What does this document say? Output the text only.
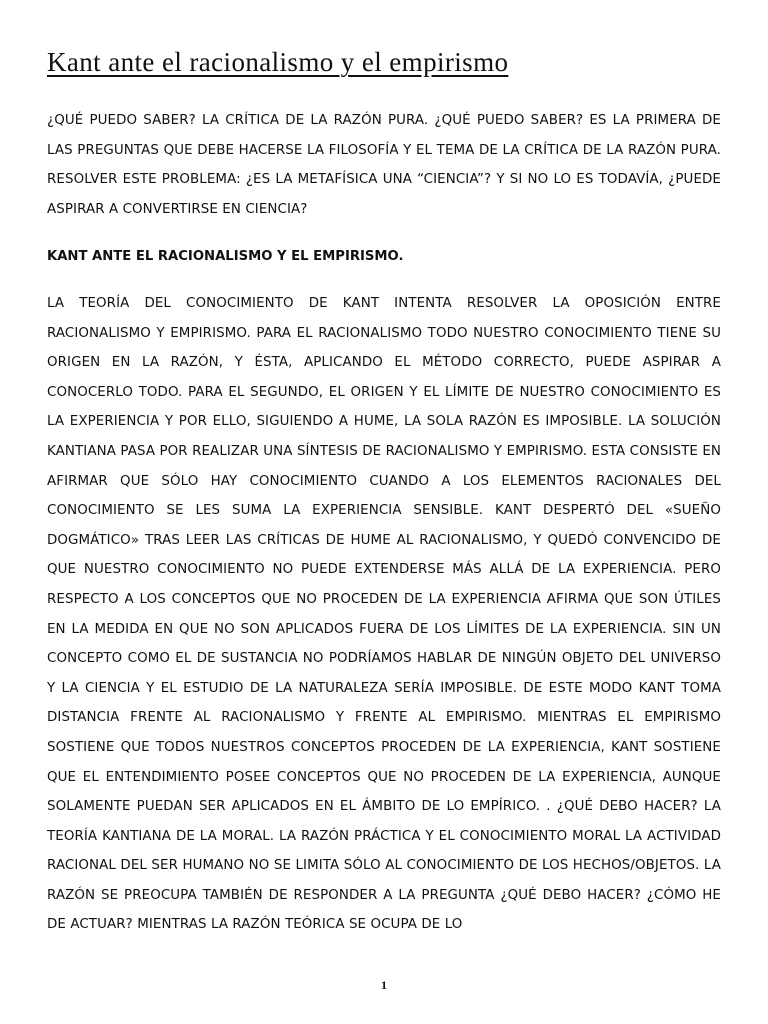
Kant ante el racionalismo y el empirismo

¿QUÉ PUEDO SABER? LA CRÍTICA DE LA RAZÓN PURA. ¿QUÉ PUEDO SABER? ES LA PRIMERA DE LAS PREGUNTAS QUE DEBE HACERSE LA FILOSOFÍA Y EL TEMA DE LA CRÍTICA DE LA RAZÓN PURA. RESOLVER ESTE PROBLEMA: ¿ES LA METAFÍSICA UNA “CIENCIA”? Y SI NO LO ES TODAVÍA, ¿PUEDE ASPIRAR A CONVERTIRSE EN CIENCIA?

KANT ANTE EL RACIONALISMO Y EL EMPIRISMO.

LA TEORÍA DEL CONOCIMIENTO DE KANT INTENTA RESOLVER LA OPOSICIÓN ENTRE RACIONALISMO Y EMPIRISMO. PARA EL RACIONALISMO TODO NUESTRO CONOCIMIENTO TIENE SU ORIGEN EN LA RAZÓN, Y ÉSTA, APLICANDO EL MÉTODO CORRECTO, PUEDE ASPIRAR A CONOCERLO TODO. PARA EL SEGUNDO, EL ORIGEN Y EL LÍMITE DE NUESTRO CONOCIMIENTO ES LA EXPERIENCIA Y POR ELLO, SIGUIENDO A HUME, LA SOLA RAZÓN ES IMPOSIBLE. LA SOLUCIÓN KANTIANA PASA POR REALIZAR UNA SÍNTESIS DE RACIONALISMO Y EMPIRISMO. ESTA CONSISTE EN AFIRMAR QUE SÓLO HAY CONOCIMIENTO CUANDO A LOS ELEMENTOS RACIONALES DEL CONOCIMIENTO SE LES SUMA LA EXPERIENCIA SENSIBLE. KANT DESPERTÓ DEL «SUEÑO DOGMÁTICO» TRAS LEER LAS CRÍTICAS DE HUME AL RACIONALISMO, Y QUEDÓ CONVENCIDO DE QUE NUESTRO CONOCIMIENTO NO PUEDE EXTENDERSE MÁS ALLÁ DE LA EXPERIENCIA. PERO RESPECTO A LOS CONCEPTOS QUE NO PROCEDEN DE LA EXPERIENCIA AFIRMA QUE SON ÚTILES EN LA MEDIDA EN QUE NO SON APLICADOS FUERA DE LOS LÍMITES DE LA EXPERIENCIA. SIN UN CONCEPTO COMO EL DE SUSTANCIA NO PODRÍAMOS HABLAR DE NINGÚN OBJETO DEL UNIVERSO Y LA CIENCIA Y EL ESTUDIO DE LA NATURALEZA SERÍA IMPOSIBLE. DE ESTE MODO KANT TOMA DISTANCIA FRENTE AL RACIONALISMO Y FRENTE AL EMPIRISMO. MIENTRAS EL EMPIRISMO SOSTIENE QUE TODOS NUESTROS CONCEPTOS PROCEDEN DE LA EXPERIENCIA, KANT SOSTIENE QUE EL ENTENDIMIENTO POSEE CONCEPTOS QUE NO PROCEDEN DE LA EXPERIENCIA, AUNQUE SOLAMENTE PUEDAN SER APLICADOS EN EL ÁMBITO DE LO EMPÍRICO. . ¿QUÉ DEBO HACER? LA TEORÍA KANTIANA DE LA MORAL. LA RAZÓN PRÁCTICA Y EL CONOCIMIENTO MORAL LA ACTIVIDAD RACIONAL DEL SER HUMANO NO SE LIMITA SÓLO AL CONOCIMIENTO DE LOS HECHOS/OBJETOS. LA RAZÓN SE PREOCUPA TAMBIÉN DE RESPONDER A LA PREGUNTA ¿QUÉ DEBO HACER? ¿CÓMO HE DE ACTUAR? MIENTRAS LA RAZÓN TEÓRICA SE OCUPA DE LO

1
